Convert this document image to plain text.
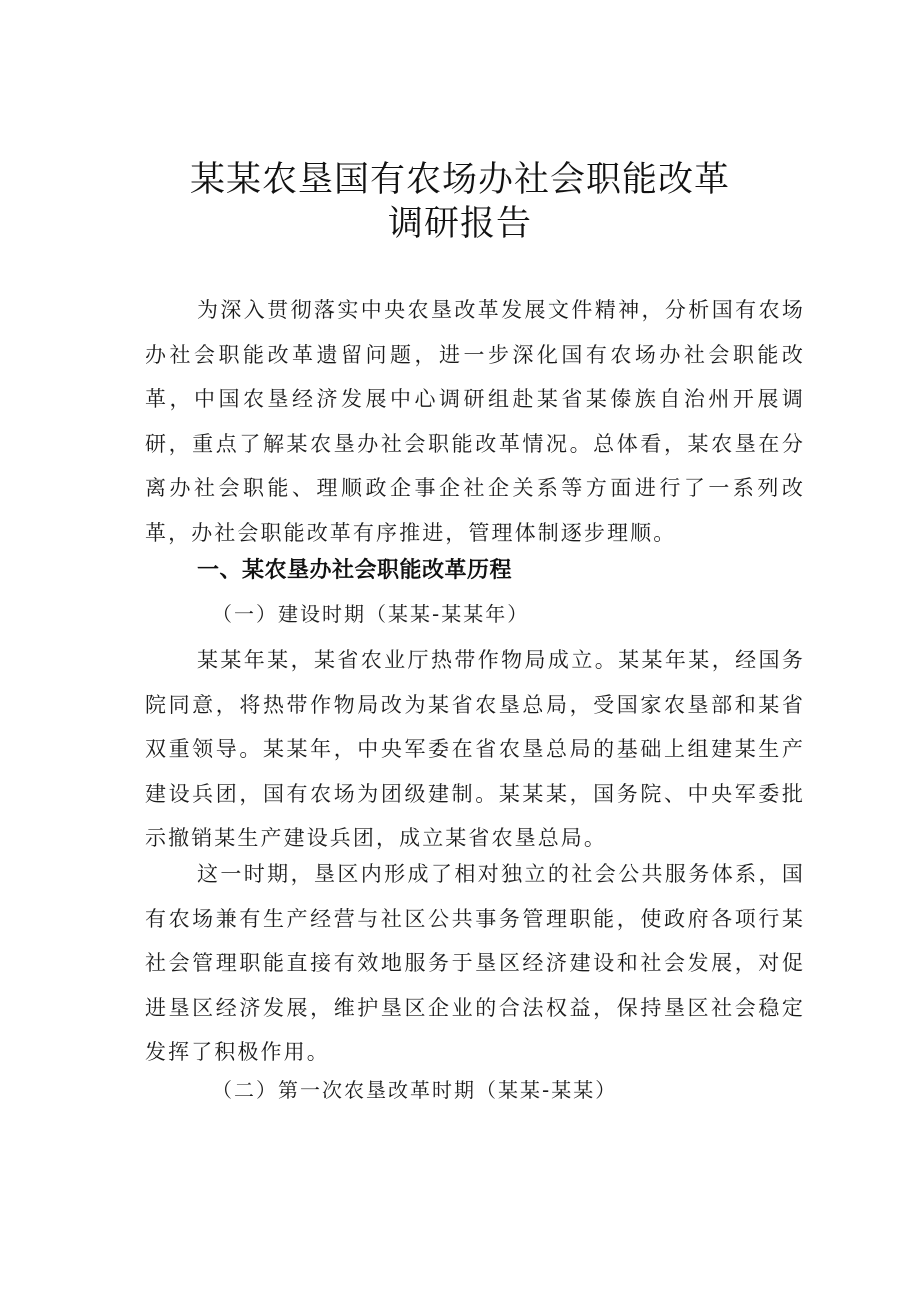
某某农垦国有农场办社会职能改革
调研报告

为深入贯彻落实中央农垦改革发展文件精神，分析国有农场办社会职能改革遗留问题，进一步深化国有农场办社会职能改革，中国农垦经济发展中心调研组赴某省某傣族自治州开展调研，重点了解某农垦办社会职能改革情况。总体看，某农垦在分离办社会职能、理顺政企事企社企关系等方面进行了一系列改革，办社会职能改革有序推进，管理体制逐步理顺。

一、某农垦办社会职能改革历程
（一）建设时期（某某-某某年）

某某年某，某省农业厅热带作物局成立。某某年某，经国务院同意，将热带作物局改为某省农垦总局，受国家农垦部和某省双重领导。某某年，中央军委在省农垦总局的基础上组建某生产建设兵团，国有农场为团级建制。某某某，国务院、中央军委批示撤销某生产建设兵团，成立某省农垦总局。

这一时期，垦区内形成了相对独立的社会公共服务体系，国有农场兼有生产经营与社区公共事务管理职能，使政府各项行某社会管理职能直接有效地服务于垦区经济建设和社会发展，对促进垦区经济发展，维护垦区企业的合法权益，保持垦区社会稳定发挥了积极作用。

（二）第一次农垦改革时期（某某-某某）
